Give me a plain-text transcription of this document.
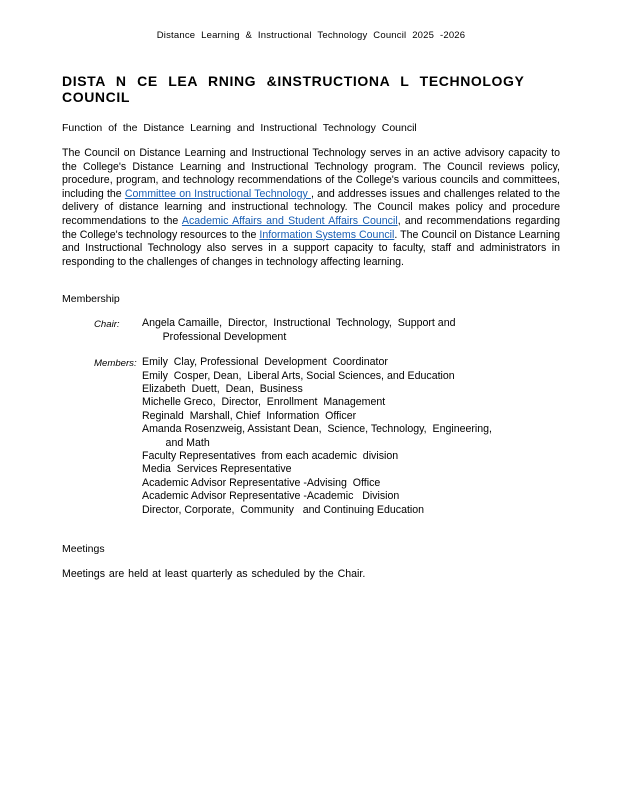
Distance Learning & Instructional Technology Council 2025 -2026
DISTA N CE LEA RNING &INSTRUCTIONA L TECHNOLOGY COUNCIL
Function of the Distance Learning and Instructional Technology Council

The Council on Distance Learning and Instructional Technology serves in an active advisory capacity to the College's Distance Learning and Instructional Technology program. The Council reviews policy, procedure, program, and technology recommendations of the College's various councils and committees, including the Committee on Instructional Technology , and addresses issues and challenges related to the delivery of distance learning and instructional technology. The Council makes policy and procedure recommendations to the Academic Affairs and Student Affairs Council, and recommendations regarding the College's technology resources to the Information Systems Council. The Council on Distance Learning and Instructional Technology also serves in a support capacity to faculty, staff and administrators in responding to the challenges of changes in technology affecting learning.

Membership
Chair:	Angela Camaille,  Director,  Instructional  Technology,  Support and
Professional Development
Members: Emily  Clay, Professional  Development  Coordinator
Emily  Cosper, Dean,  Liberal Arts, Social Sciences, and Education
Elizabeth  Duett,  Dean,  Business
Michelle Greco,  Director,  Enrollment  Management
Reginald  Marshall, Chief  Information  Officer
Amanda Rosenzweig, Assistant Dean,  Science, Technology,  Engineering,
and Math
Faculty Representatives  from each academic  division
Media  Services Representative
Academic Advisor Representative -Advising  Office
Academic Advisor Representative -Academic   Division
Director, Corporate,  Community   and Continuing Education
Meetings
Meetings are held at least quarterly as scheduled by the Chair.
